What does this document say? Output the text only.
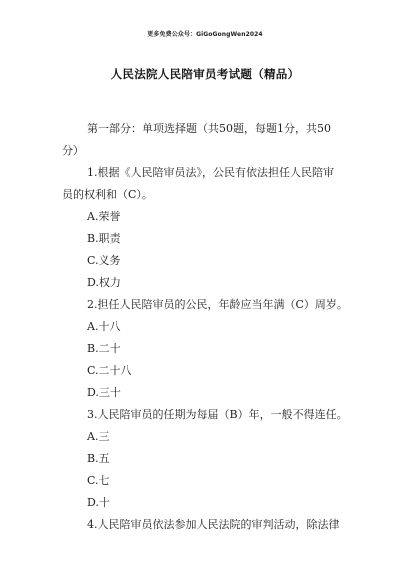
更多免费公众号：GiGoGongWen2024
人民法院人民陪审员考试题（精品）
第一部分：单项选择题（共50题，每题1分，共50
分）
1.根据《人民陪审员法》，公民有依法担任人民陪审
员的权利和（C）。
A.荣誉
B.职责
C.义务
D.权力
2.担任人民陪审员的公民，年龄应当年满（C）周岁。
A.十八
B.二十
C.二十八
D.三十
3.人民陪审员的任期为每届（B）年，一般不得连任。
A.三
B.五
C.七
D.十
4.人民陪审员依法参加人民法院的审判活动，除法律
